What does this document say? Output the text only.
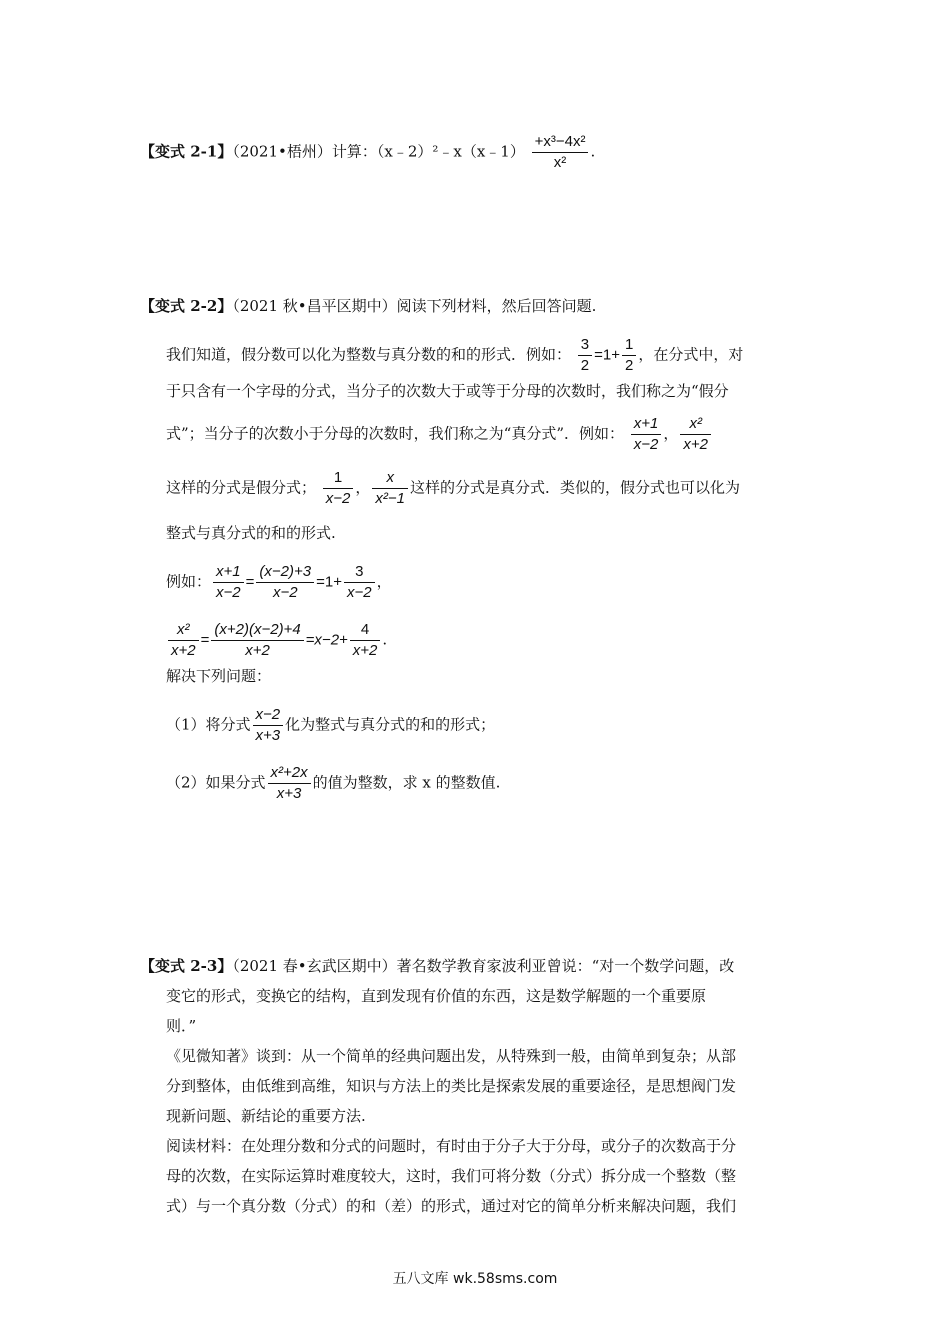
【变式 2-1】（2021•梧州）计算：（x﹣2）²﹣x（x﹣1） $\frac{\text{+x³−4x²}}{\text{x²}}$ .
【变式 2-2】（2021 秋•昌平区期中）阅读下列材料，然后回答问题.
我们知道，假分数可以化为整数与真分数的和的形式．例如： $\frac{3}{2} =1+ \frac{1}{2}$ ，在分式中，对
于只含有一个字母的分式，当分子的次数大于或等于分母的次数时，我们称之为“假分
式”；当分子的次数小于分母的次数时，我们称之为“真分式”．例如： $\frac{x+1}{x-2}$ ， $\frac{\text{x²}}{x+2}$
这样的分式是假分式； $\frac{1}{x-2}$ ， $\frac{x}{\text{x²−1}}$ 这样的分式是真分式．类似的，假分式也可以化为
整式与真分式的和的形式.
例如： $\frac{x+1}{x-2} = \frac{(x-2)+3}{x-2} =1+ \frac{3}{x-2}$ ，
$\frac{\text{x²}}{x+2} = \frac{(x+2)(x-2)+4}{x+2} =x-2+ \frac{4}{x+2}$ .
解决下列问题：
（1）将分式 $\frac{x-2}{x+3}$ 化为整式与真分式的和的形式；
（2）如果分式 $\frac{\text{x²+2x}}{x+3}$ 的值为整数，求 x 的整数值.
【变式 2-3】（2021 春•玄武区期中）著名数学教育家波利亚曾说：“对一个数学问题，改
变它的形式，变换它的结构，直到发现有价值的东西，这是数学解题的一个重要原
则．”
《见微知著》谈到：从一个简单的经典问题出发，从特殊到一般，由简单到复杂；从部
分到整体，由低维到高维，知识与方法上的类比是探索发展的重要途径，是思想阀门发
现新问题、新结论的重要方法.
阅读材料：在处理分数和分式的问题时，有时由于分子大于分母，或分子的次数高于分
母的次数，在实际运算时难度较大，这时，我们可将分数（分式）拆分成一个整数（整
式）与一个真分数（分式）的和（差）的形式，通过对它的简单分析来解决问题，我们
五八文库 wk.58sms.com
